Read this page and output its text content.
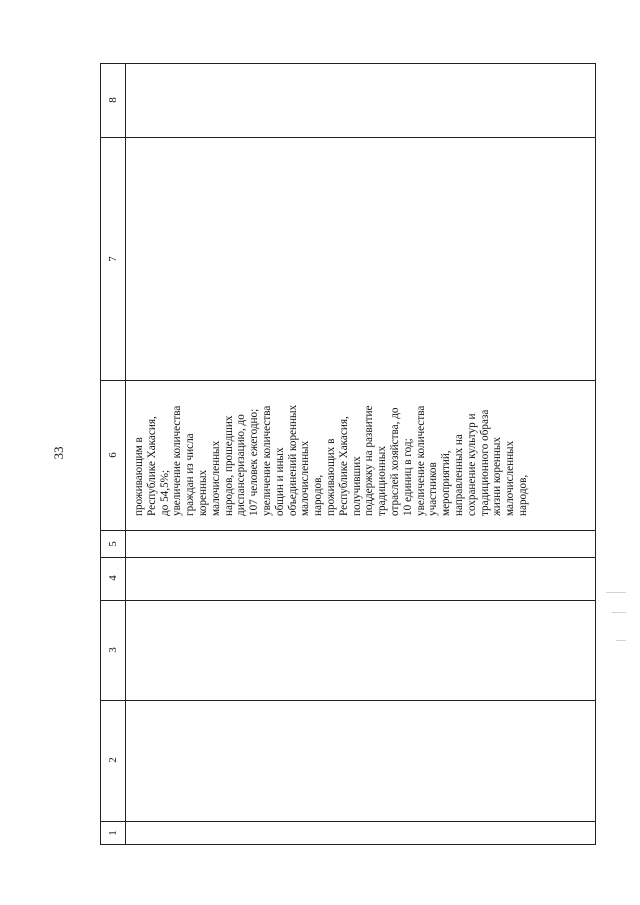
33
8
7
6
5
4
3
2
1
проживающим в Республике Хакасия, до 54,5%; увеличение количества граждан из числа коренных малочисленных народов, прошедших диспансеризацию, до 107 человек ежегодно; увеличение количества общин и иных объединений коренных малочисленных народов, проживающих в Республике Хакасия, получивших поддержку на развитие традиционных отраслей хозяйства, до 10 единиц в год; увеличение количества участников мероприятий, направленных на сохранение культур и традиционного образа жизни коренных малочисленных народов,
